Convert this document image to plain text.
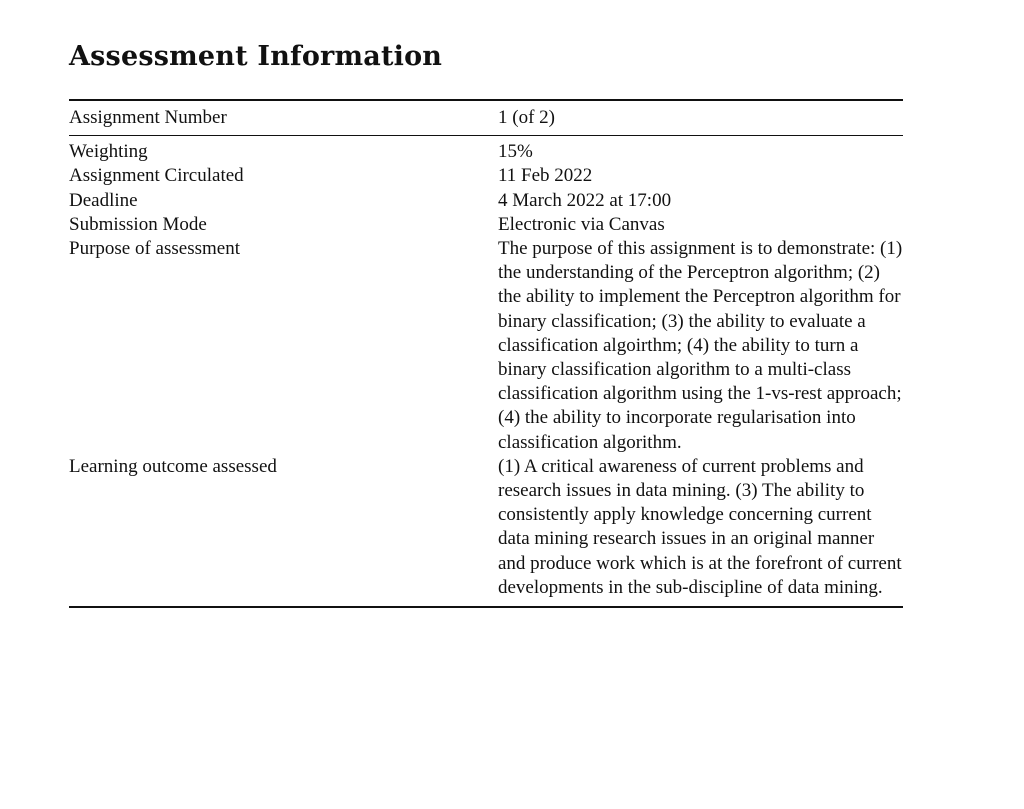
Assessment Information
Assignment Number	1 (of 2)
Weighting	15%
Assignment Circulated	11 Feb 2022
Deadline	4 March 2022 at 17:00
Submission Mode	Electronic via Canvas
Purpose of assessment	The purpose of this assignment is to demonstrate: (1) the understanding of the Perceptron algorithm; (2) the ability to implement the Perceptron algorithm for binary classification; (3) the ability to evaluate a classification algoirthm; (4) the ability to turn a binary classification algorithm to a multi-class classification algorithm using the 1-vs-rest approach; (4) the ability to incorporate regularisation into classification algorithm.
Learning outcome assessed	(1) A critical awareness of current problems and research issues in data mining. (3) The ability to consistently apply knowledge concerning current data mining research issues in an original manner and produce work which is at the forefront of current developments in the sub-discipline of data mining.
